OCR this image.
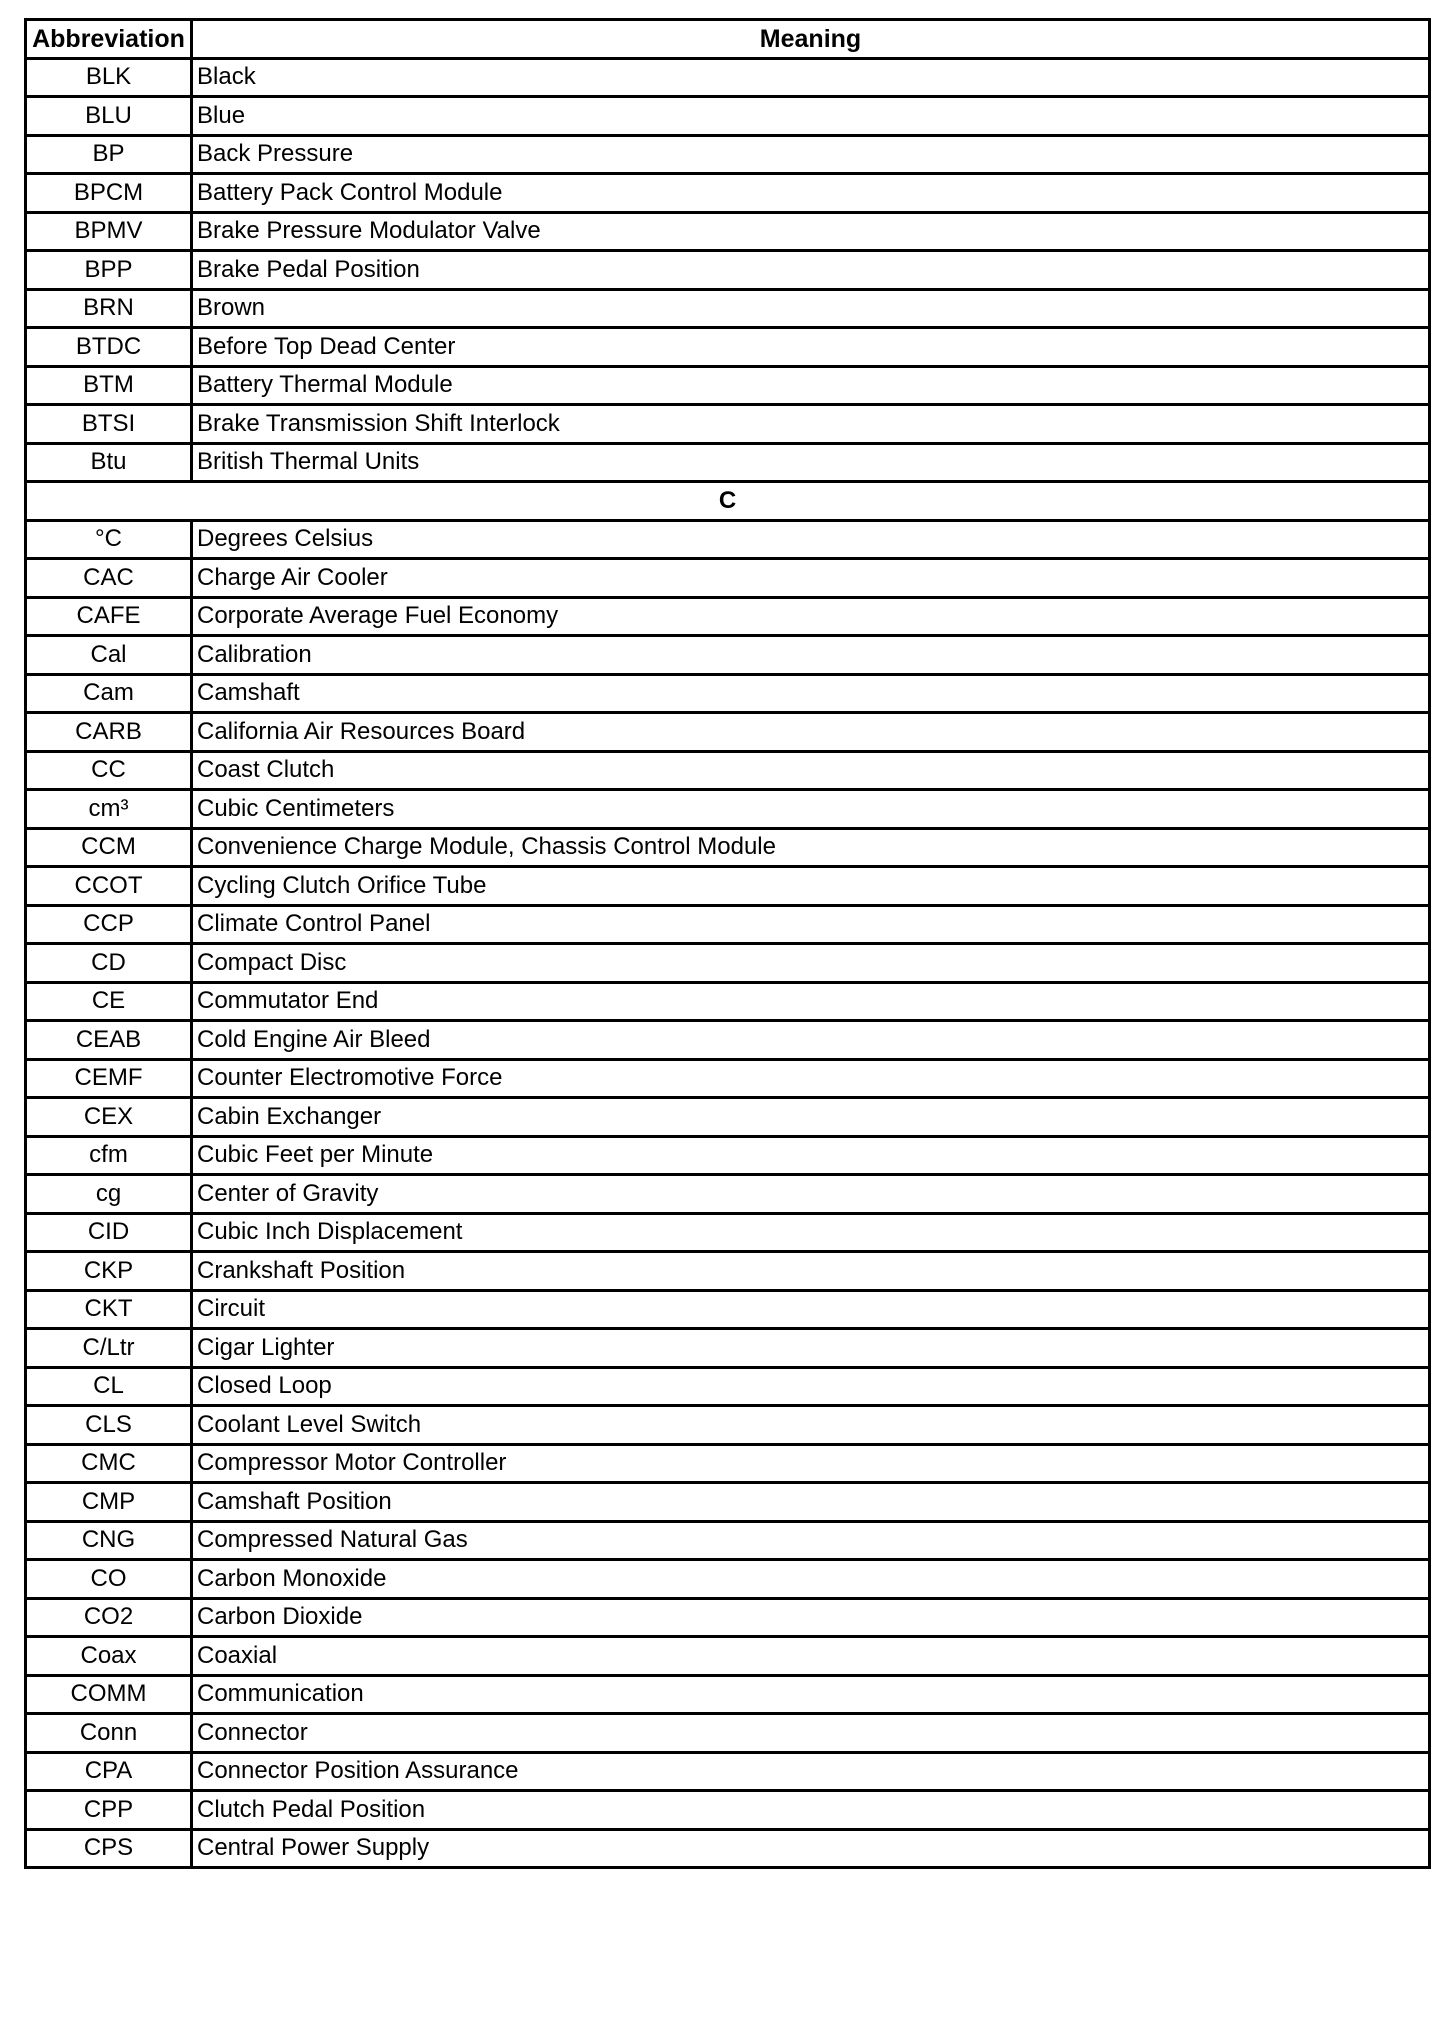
Abbreviation	Meaning
BLK	Black
BLU	Blue
BP	Back Pressure
BPCM	Battery Pack Control Module
BPMV	Brake Pressure Modulator Valve
BPP	Brake Pedal Position
BRN	Brown
BTDC	Before Top Dead Center
BTM	Battery Thermal Module
BTSI	Brake Transmission Shift Interlock
Btu	British Thermal Units
C	
°C	Degrees Celsius
CAC	Charge Air Cooler
CAFE	Corporate Average Fuel Economy
Cal	Calibration
Cam	Camshaft
CARB	California Air Resources Board
CC	Coast Clutch
cm³	Cubic Centimeters
CCM	Convenience Charge Module, Chassis Control Module
CCOT	Cycling Clutch Orifice Tube
CCP	Climate Control Panel
CD	Compact Disc
CE	Commutator End
CEAB	Cold Engine Air Bleed
CEMF	Counter Electromotive Force
CEX	Cabin Exchanger
cfm	Cubic Feet per Minute
cg	Center of Gravity
CID	Cubic Inch Displacement
CKP	Crankshaft Position
CKT	Circuit
C/Ltr	Cigar Lighter
CL	Closed Loop
CLS	Coolant Level Switch
CMC	Compressor Motor Controller
CMP	Camshaft Position
CNG	Compressed Natural Gas
CO	Carbon Monoxide
CO2	Carbon Dioxide
Coax	Coaxial
COMM	Communication
Conn	Connector
CPA	Connector Position Assurance
CPP	Clutch Pedal Position
CPS	Central Power Supply
